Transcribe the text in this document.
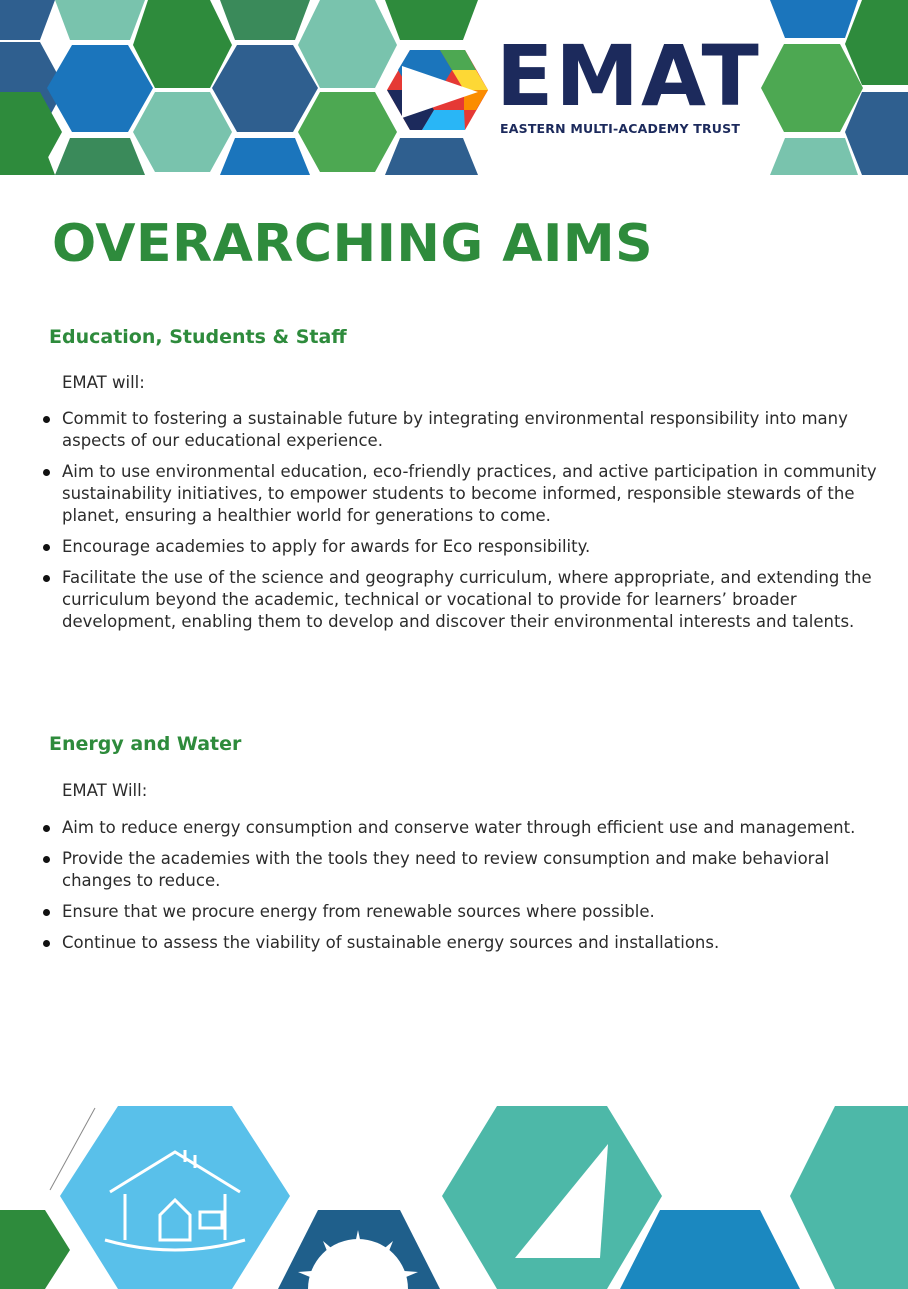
EMAT
EASTERN MULTI-ACADEMY TRUST
OVERARCHING AIMS
Education, Students & Staff
EMAT will:
Commit to fostering a sustainable future by integrating environmental responsibility into many aspects of our educational experience.
Aim to use environmental education, eco-friendly practices, and active participation in community sustainability initiatives, to empower students to become informed, responsible stewards of the planet, ensuring a healthier world for generations to come.
Encourage academies to apply for awards for Eco responsibility.
Facilitate the use of the science and geography curriculum, where appropriate, and extending the curriculum beyond the academic, technical or vocational to provide for learners’ broader development, enabling them to develop and discover their environmental interests and talents.
Energy and Water
EMAT Will:
Aim to reduce energy consumption and conserve water through efficient use and management.
Provide the academies with the tools they need to review consumption and make behavioral changes to reduce.
Ensure that we procure energy from renewable sources where possible.
Continue to assess the viability of sustainable energy sources and installations.
